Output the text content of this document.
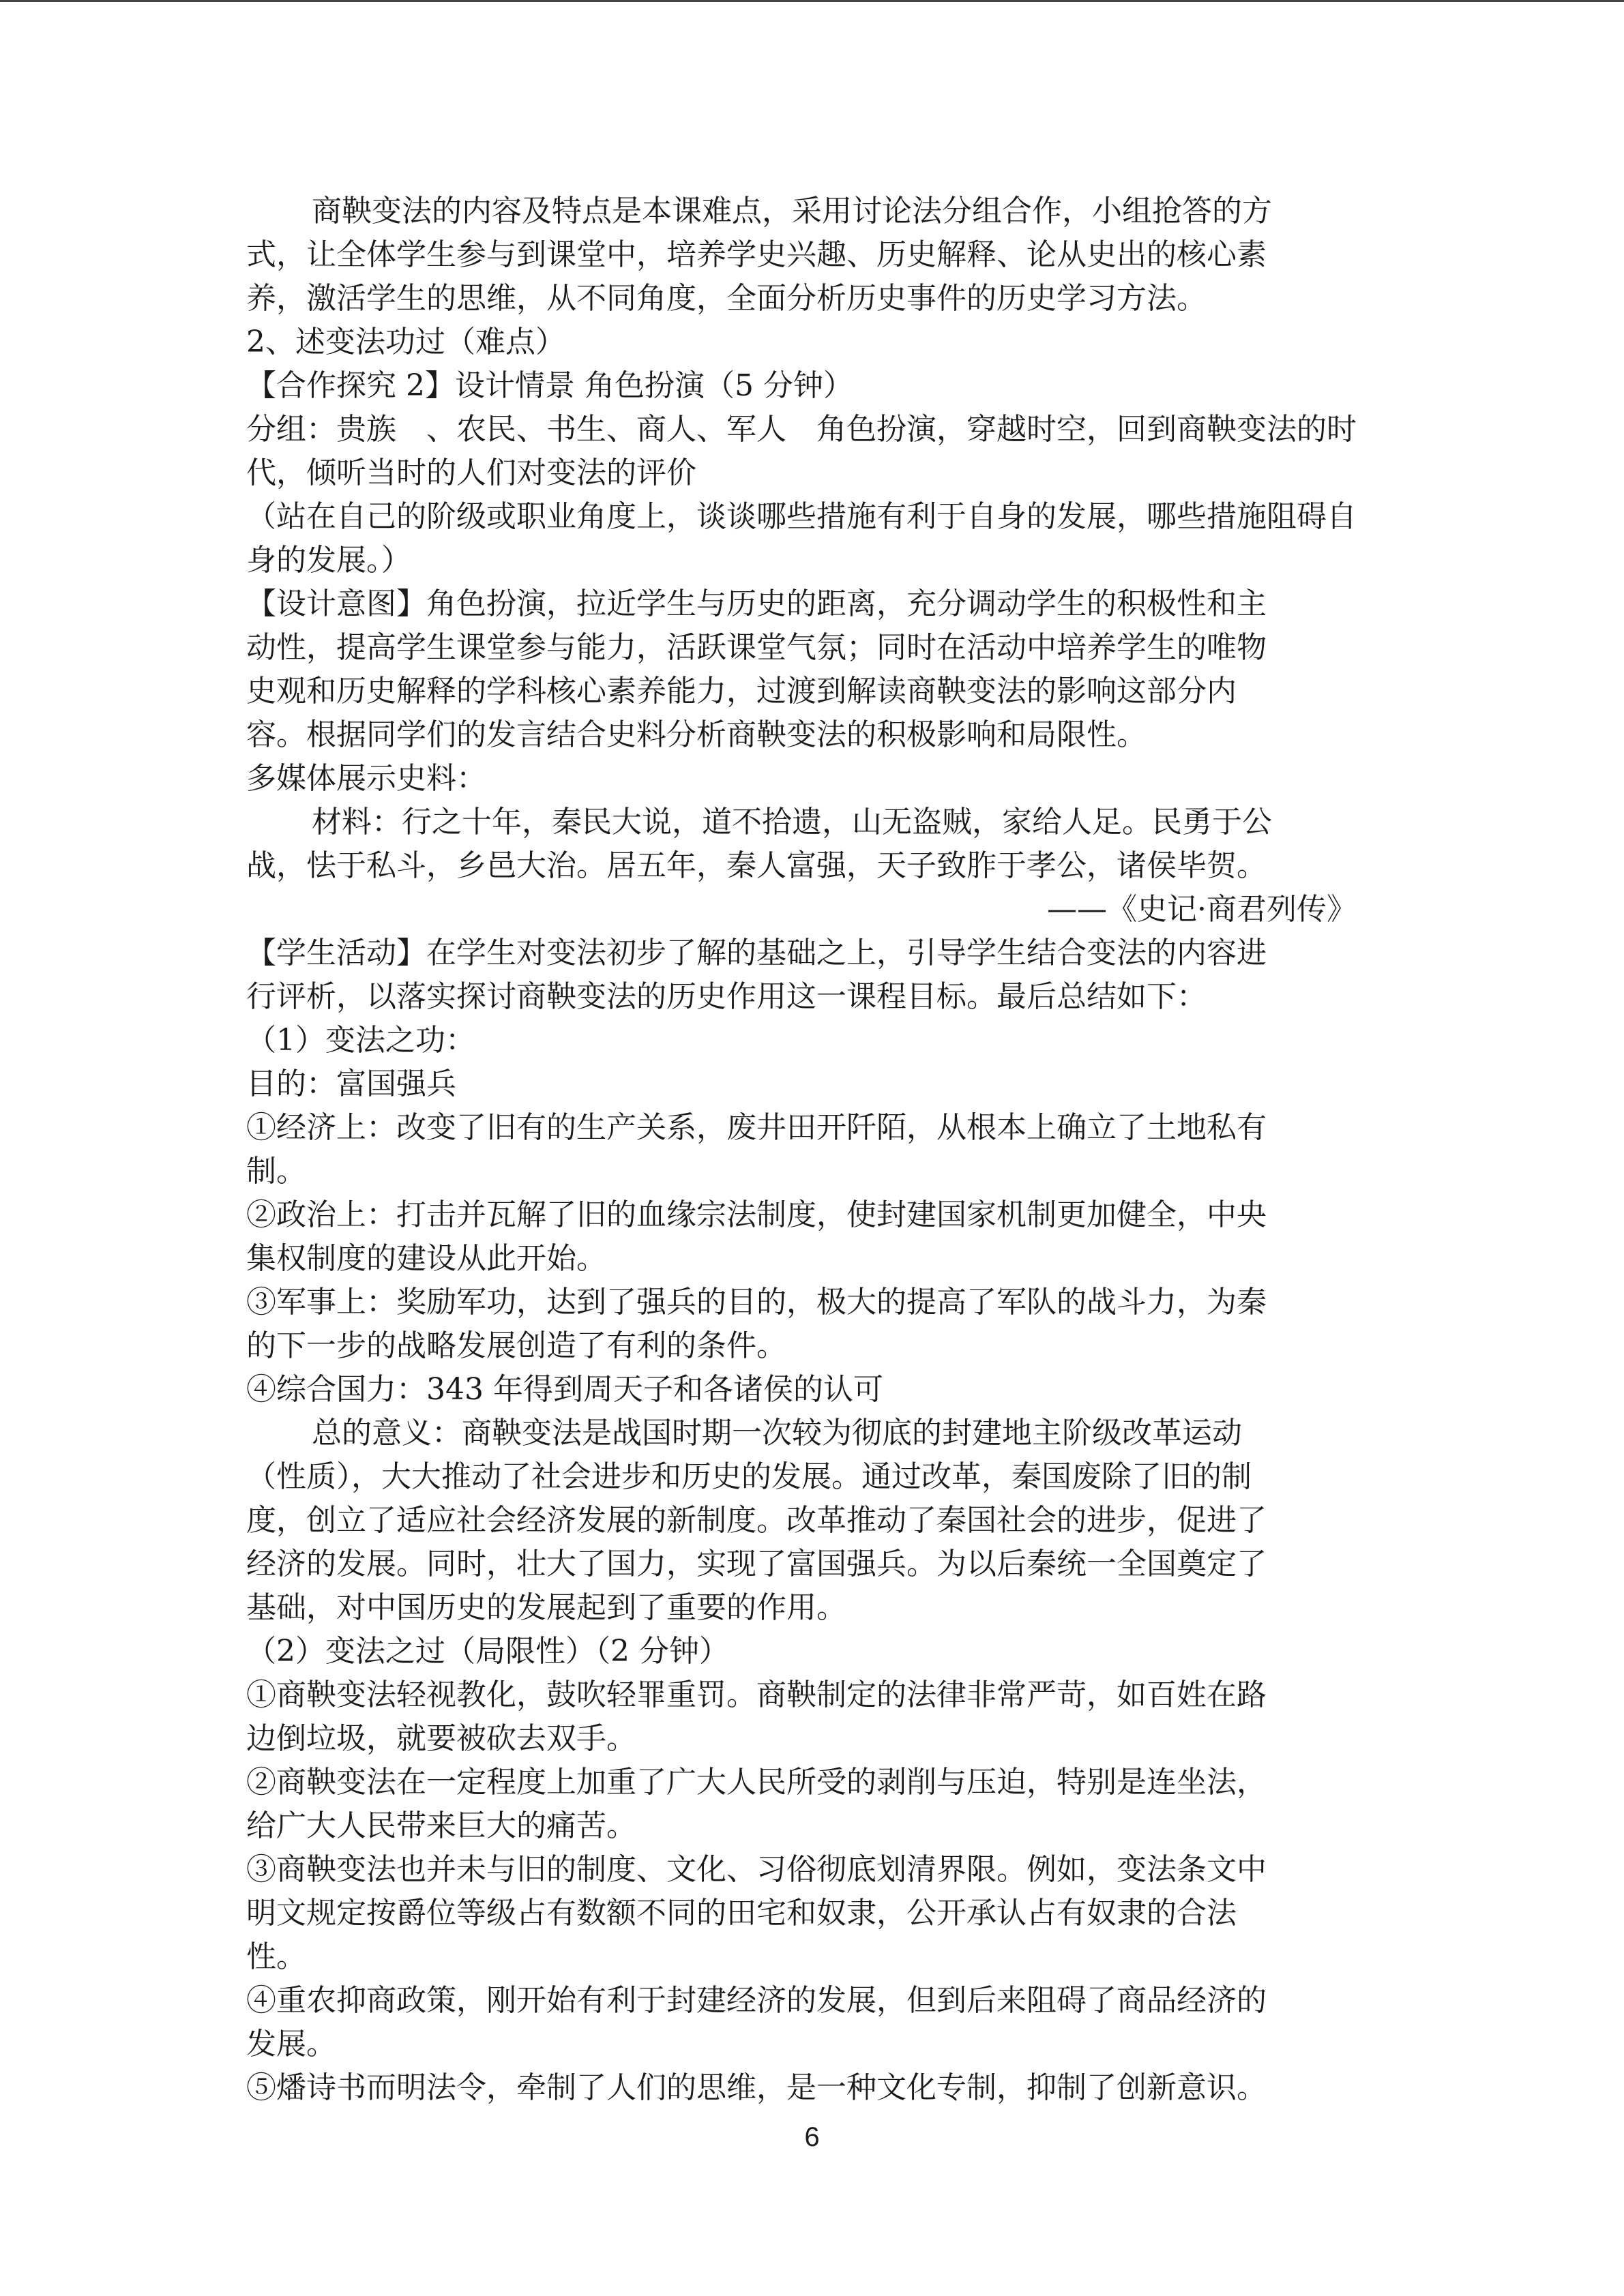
商鞅变法的内容及特点是本课难点，采用讨论法分组合作，小组抢答的方

式，让全体学生参与到课堂中，培养学史兴趣、历史解释、论从史出的核心素

养，激活学生的思维，从不同角度，全面分析历史事件的历史学习方法。

2、述变法功过（难点）

【合作探究 2】设计情景 角色扮演（5 分钟）

分组：贵族　、农民、书生、商人、军人　角色扮演，穿越时空，回到商鞅变法的时

代，倾听当时的人们对变法的评价

（站在自己的阶级或职业角度上，谈谈哪些措施有利于自身的发展，哪些措施阻碍自

身的发展。）

【设计意图】角色扮演，拉近学生与历史的距离，充分调动学生的积极性和主

动性，提高学生课堂参与能力，活跃课堂气氛；同时在活动中培养学生的唯物

史观和历史解释的学科核心素养能力，过渡到解读商鞅变法的影响这部分内

容。根据同学们的发言结合史料分析商鞅变法的积极影响和局限性。

多媒体展示史料：

材料：行之十年，秦民大说，道不拾遗，山无盗贼，家给人足。民勇于公

战，怯于私斗，乡邑大治。居五年，秦人富强，天子致胙于孝公，诸侯毕贺。

——《史记·商君列传》

【学生活动】在学生对变法初步了解的基础之上，引导学生结合变法的内容进

行评析，以落实探讨商鞅变法的历史作用这一课程目标。最后总结如下：

（1）变法之功：

目的：富国强兵

①经济上：改变了旧有的生产关系，废井田开阡陌，从根本上确立了土地私有

制。

②政治上：打击并瓦解了旧的血缘宗法制度，使封建国家机制更加健全，中央

集权制度的建设从此开始。

③军事上：奖励军功，达到了强兵的目的，极大的提高了军队的战斗力，为秦

的下一步的战略发展创造了有利的条件。

④综合国力：343 年得到周天子和各诸侯的认可

总的意义：商鞅变法是战国时期一次较为彻底的封建地主阶级改革运动

（性质），大大推动了社会进步和历史的发展。通过改革，秦国废除了旧的制

度，创立了适应社会经济发展的新制度。改革推动了秦国社会的进步，促进了

经济的发展。同时，壮大了国力，实现了富国强兵。为以后秦统一全国奠定了

基础，对中国历史的发展起到了重要的作用。

（2）变法之过（局限性）（2 分钟）

①商鞅变法轻视教化，鼓吹轻罪重罚。商鞅制定的法律非常严苛，如百姓在路

边倒垃圾，就要被砍去双手。

②商鞅变法在一定程度上加重了广大人民所受的剥削与压迫，特别是连坐法，

给广大人民带来巨大的痛苦。

③商鞅变法也并未与旧的制度、文化、习俗彻底划清界限。例如，变法条文中

明文规定按爵位等级占有数额不同的田宅和奴隶，公开承认占有奴隶的合法

性。

④重农抑商政策，刚开始有利于封建经济的发展，但到后来阻碍了商品经济的

发展。

⑤燔诗书而明法令，牵制了人们的思维，是一种文化专制，抑制了创新意识。

6
